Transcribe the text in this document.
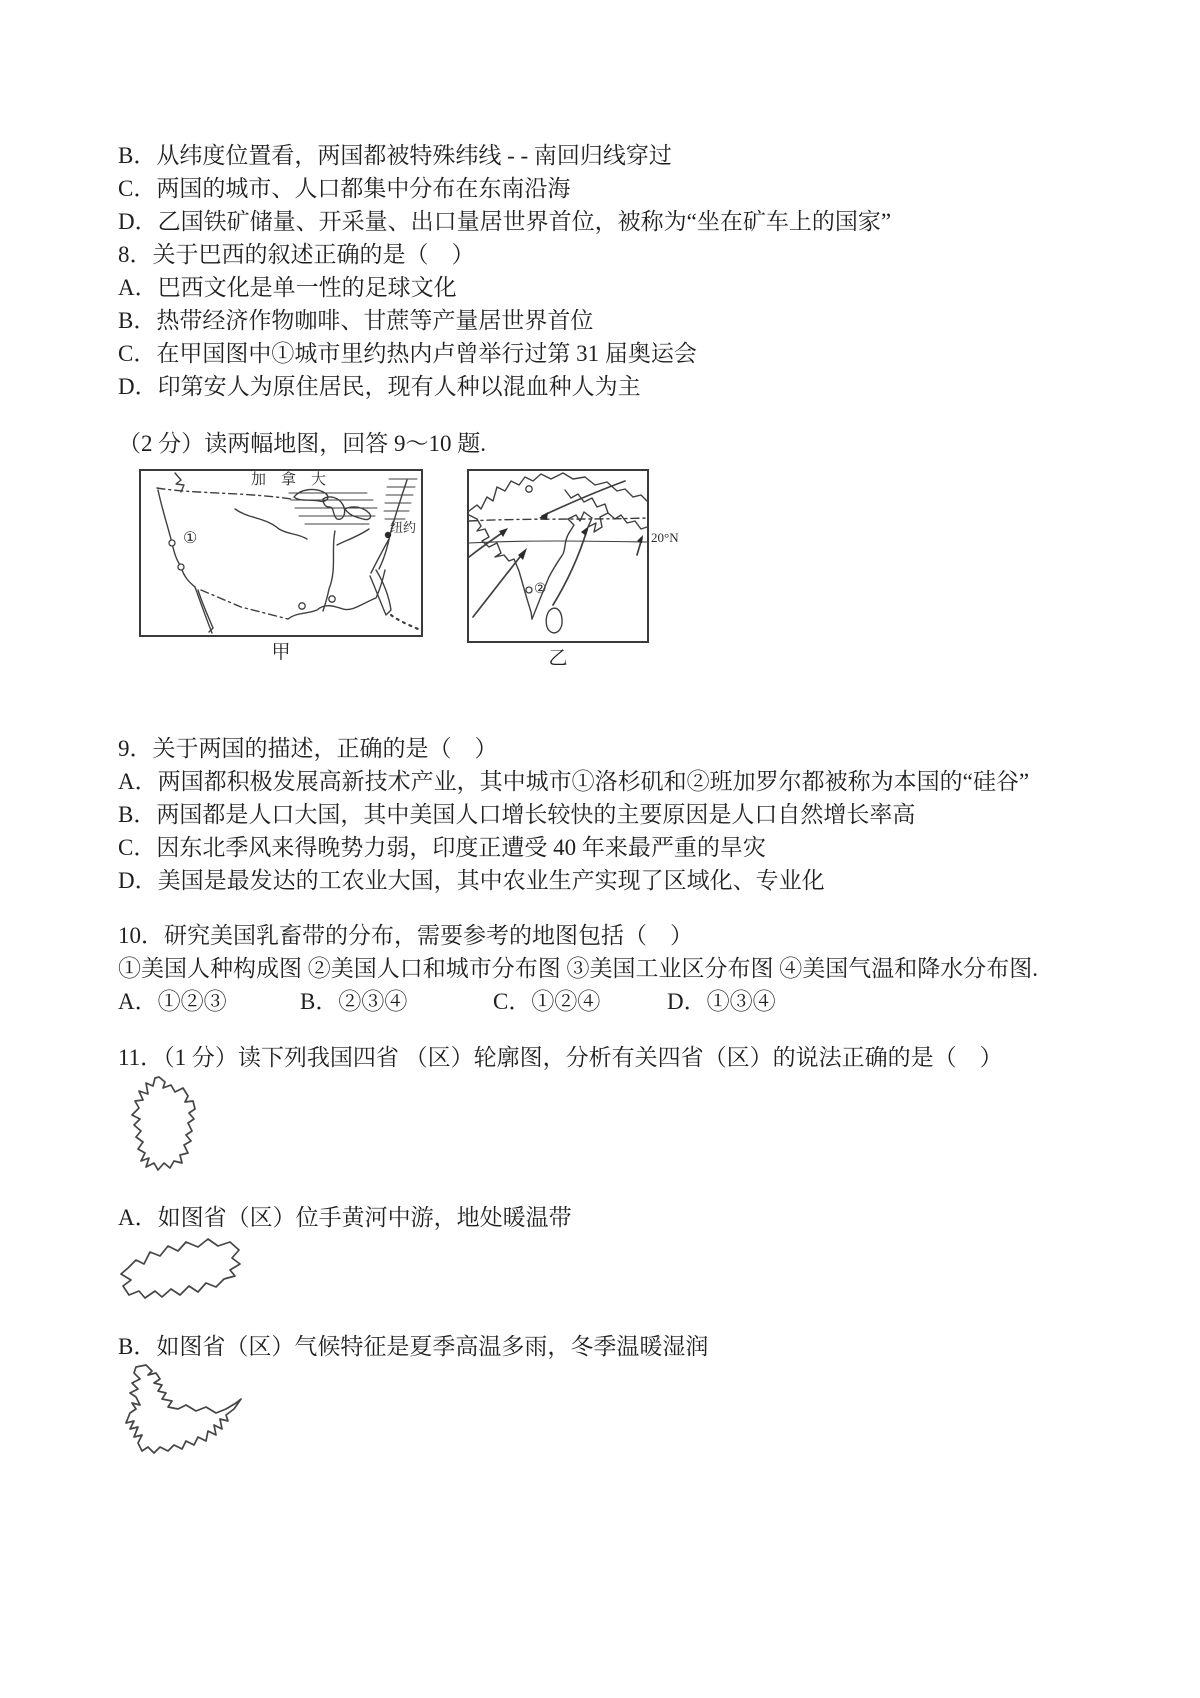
B．从纬度位置看，两国都被特殊纬线 - - 南回归线穿过

C．两国的城市、人口都集中分布在东南沿海

D．乙国铁矿储量、开采量、出口量居世界首位，被称为“坐在矿车上的国家”

8．关于巴西的叙述正确的是（　）

A．巴西文化是单一性的足球文化

B．热带经济作物咖啡、甘蔗等产量居世界首位

C．在甲国图中①城市里约热内卢曾举行过第 31 届奥运会

D．印第安人为原住居民，现有人种以混血种人为主

（2 分）读两幅地图，回答 9～10 题.

加拿大
纽约
①
甲
②
20°N
乙

9．关于两国的描述，正确的是（　）

A．两国都积极发展高新技术产业，其中城市①洛杉矶和②班加罗尔都被称为本国的“硅谷”

B．两国都是人口大国，其中美国人口增长较快的主要原因是人口自然增长率高

C．因东北季风来得晚势力弱，印度正遭受 40 年来最严重的旱灾

D．美国是最发达的工农业大国，其中农业生产实现了区域化、专业化

10．研究美国乳畜带的分布，需要参考的地图包括（　）

①美国人种构成图 ②美国人口和城市分布图 ③美国工业区分布图 ④美国气温和降水分布图.

A．①②③	B．②③④	C．①②④	D．①③④

11．（1 分）读下列我国四省 （区）轮廓图，分析有关四省（区）的说法正确的是（　）

A．如图省（区）位手黄河中游，地处暖温带

B．如图省（区）气候特征是夏季高温多雨，冬季温暖湿润
